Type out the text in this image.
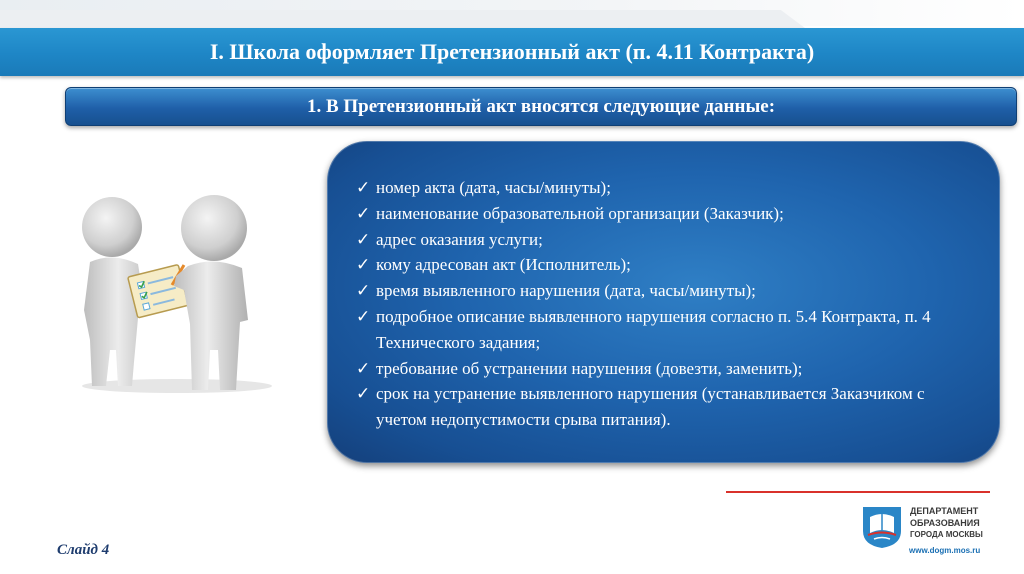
I. Школа оформляет Претензионный акт (п. 4.11 Контракта)
1. В Претензионный акт вносятся следующие данные:
✓ номер акта (дата, часы/минуты);
✓ наименование образовательной организации (Заказчик);
✓ адрес оказания услуги;
✓ кому адресован акт (Исполнитель);
✓ время выявленного нарушения (дата, часы/минуты);
✓ подробное описание выявленного нарушения согласно п. 5.4 Контракта, п. 4 Технического задания;
✓ требование об устранении нарушения (довезти, заменить);
✓ срок на устранение выявленного нарушения (устанавливается Заказчиком с учетом недопустимости срыва питания).
ДЕПАРТАМЕНТ
ОБРАЗОВАНИЯ
ГОРОДА МОСКВЫ
www.dogm.mos.ru
Слайд 4
